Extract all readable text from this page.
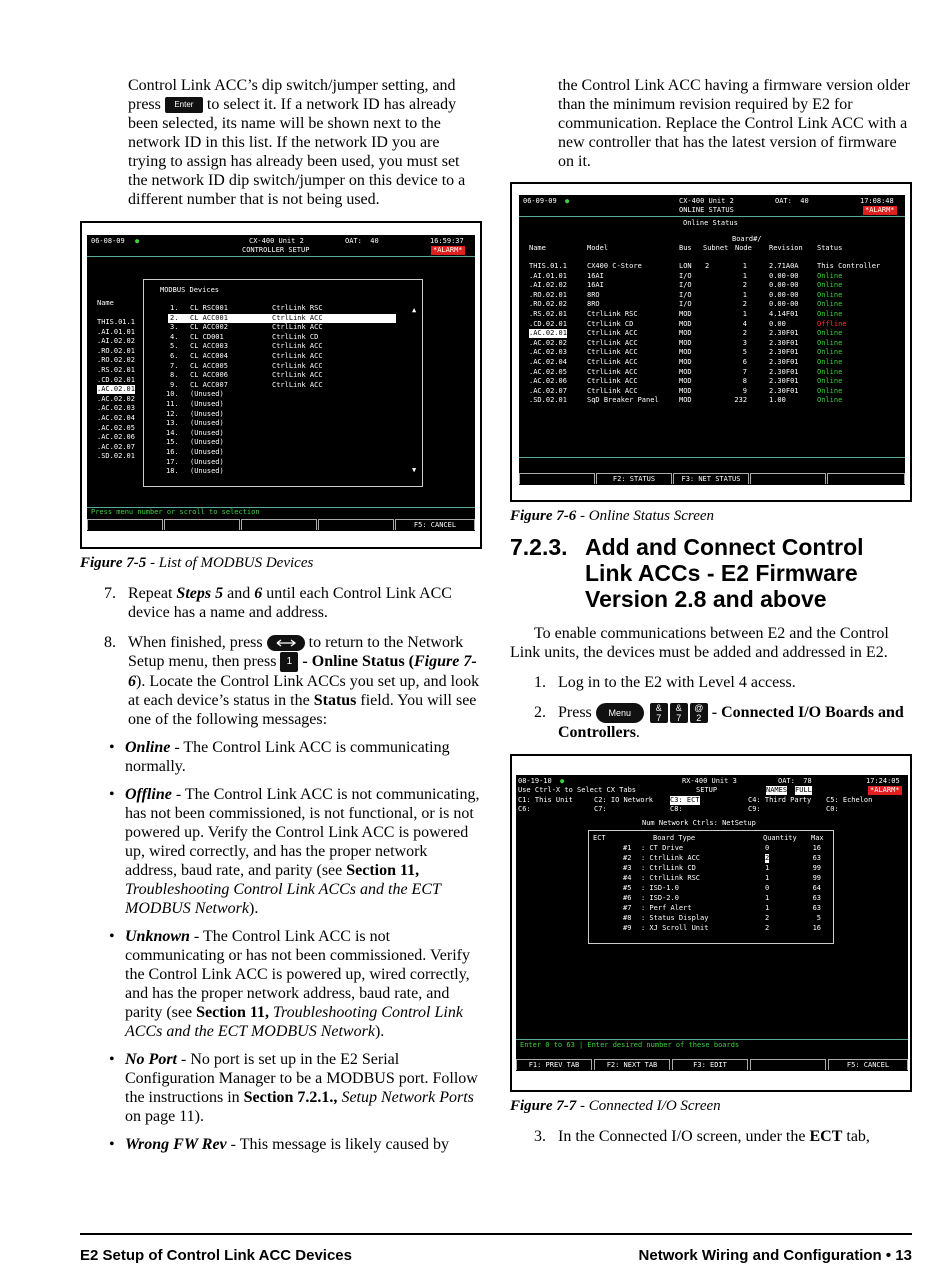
Control Link ACC’s dip switch/jumper setting, and

press Enter to select it. If a network ID has already been selected, its name will be shown next to the network ID in this list. If the network ID you are trying to assign has already been used, you must set the network ID dip switch/jumper on this device to a different number that is not being used.

06-08-09 ●	CX-400 Unit 2
CONTROLLER SETUP
OAT:  40	16:59:37
*ALARM*
Name
THIS.01.1
.AI.01.01
.AI.02.02
.RO.02.01
.RO.02.02
.RS.02.01
.CD.02.01
.AC.02.01
.AC.02.02
.AC.02.03
.AC.02.04
.AC.02.05
.AC.02.06
.AC.02.07
.SD.02.01
MODBUS Devices
1. CL RSC001	CtrlLink RSC
2. CL ACC001	CtrlLink ACC
3. CL ACC002	CtrlLink ACC
4. CL CD001	CtrlLink CD
5. CL ACC003	CtrlLink ACC
6. CL ACC004	CtrlLink ACC
7. CL ACC005	CtrlLink ACC
8. CL ACC006	CtrlLink ACC
9. CL ACC007	CtrlLink ACC
10. (Unused)
11. (Unused)
12. (Unused)
13. (Unused)
14. (Unused)
15. (Unused)
16. (Unused)
17. (Unused)
18. (Unused)
▲
▼
Press menu number or scroll to selection
F5: CANCEL

Figure 7-5 - List of MODBUS Devices

7. Repeat Steps 5 and 6 until each Control Link ACC device has a name and address.
8. When finished, press	to return to the Network Setup menu, then press 1 - Online Status (Figure 7-6). Locate the Control Link ACCs you set up, and look at each device’s status in the Status field. You will see one of the following messages:
• Online - The Control Link ACC is communicating normally.
• Offline - The Control Link ACC is not communicating, has not been commissioned, is not functional, or is not powered up. Verify the Control Link ACC is powered up, wired correctly, and has the proper network address, baud rate, and parity (see Section 11, Troubleshooting Control Link ACCs and the ECT MODBUS Network).
• Unknown - The Control Link ACC is not communicating or has not been commissioned. Verify the Control Link ACC is powered up, wired correctly, and has the proper network address, baud rate, and parity (see Section 11, Troubleshooting Control Link ACCs and the ECT MODBUS Network).
• No Port - No port is set up in the E2 Serial Configuration Manager to be a MODBUS port. Follow the instructions in Section 7.2.1., Setup Network Ports on page 11).
• Wrong FW Rev - This message is likely caused by

the Control Link ACC having a firmware version older than the minimum revision required by E2 for communication. Replace the Control Link ACC with a new controller that has the latest version of firmware on it.

06-09-09 ●	CX-400 Unit 2
ONLINE STATUS
OAT:  40	17:08:48
*ALARM*
Online Status
Board#/
Name	Model	Bus Subnet Node Revision Status
THIS.01.1	CX400 C-Store	LON 2	1	2.71A0A	This Controller
.AI.01.01	16AI	I/O	1	0.00-00	Online
.AI.02.02	16AI	I/O	2	0.00-00	Online
.RO.02.01	8RO	I/O	1	0.00-00	Online
.RO.02.02	8RO	I/O	2	0.00-00	Online
.RS.02.01	CtrlLink RSC	MOD	1	4.14F01	Online
.CD.02.01	CtrlLink CD	MOD	4	0.00	Offline
.AC.02.01	CtrlLink ACC	MOD	2	2.30F01	Online
.AC.02.02	CtrlLink ACC	MOD	3	2.30F01	Online
.AC.02.03	CtrlLink ACC	MOD	5	2.30F01	Online
.AC.02.04	CtrlLink ACC	MOD	6	2.30F01	Online
.AC.02.05	CtrlLink ACC	MOD	7	2.30F01	Online
.AC.02.06	CtrlLink ACC	MOD	8	2.30F01	Online
.AC.02.07	CtrlLink ACC	MOD	9	2.30F01	Online
.SD.02.01	SqD Breaker Panel	MOD	232	1.00	Online
F2: STATUS	F3: NET STATUS

Figure 7-6 - Online Status Screen

7.2.3. Add and Connect Control Link ACCs - E2 Firmware Version 2.8 and above

To enable communications between E2 and the Control Link units, the devices must be added and addressed in E2.

1. Log in to the E2 with Level 4 access.
2. Press Menu	&
7&
7@
2 - Connected I/O Boards and Controllers.
08-19-10 ●
Use Ctrl-X to Select CX Tabs
RX-400 Unit 3
SETUP
OAT:  78	17:24:05
NAMES FULL	*ALARM*
C1: This Unit	C2: IO Network C3: ECT	C4: Third Party C5: Echelon
C6:	C7:	C8:	C9:	C0:
Num Network Ctrls: NetSetup
ECT	Board Type	Quantity Max
#1 : CT Drive	0	16
#2 : CtrlLink ACC	2	63
#3 : CtrlLink CD	1	99
#4 : CtrlLink RSC	1	99
#5 : ISD-1.0	0	64
#6 : ISD-2.0	1	63
#7 : Perf Alert	1	63
#8 : Status Display	2	5
#9 : XJ Scroll Unit	2	16
Enter 0 to 63 | Enter desired number of these boards
F1: PREV TAB	F2: NEXT TAB	F3: EDIT	F5: CANCEL

Figure 7-7 - Connected I/O Screen

3. In the Connected I/O screen, under the ECT tab,
E2 Setup of Control Link ACC Devices	Network Wiring and Configuration • 13
